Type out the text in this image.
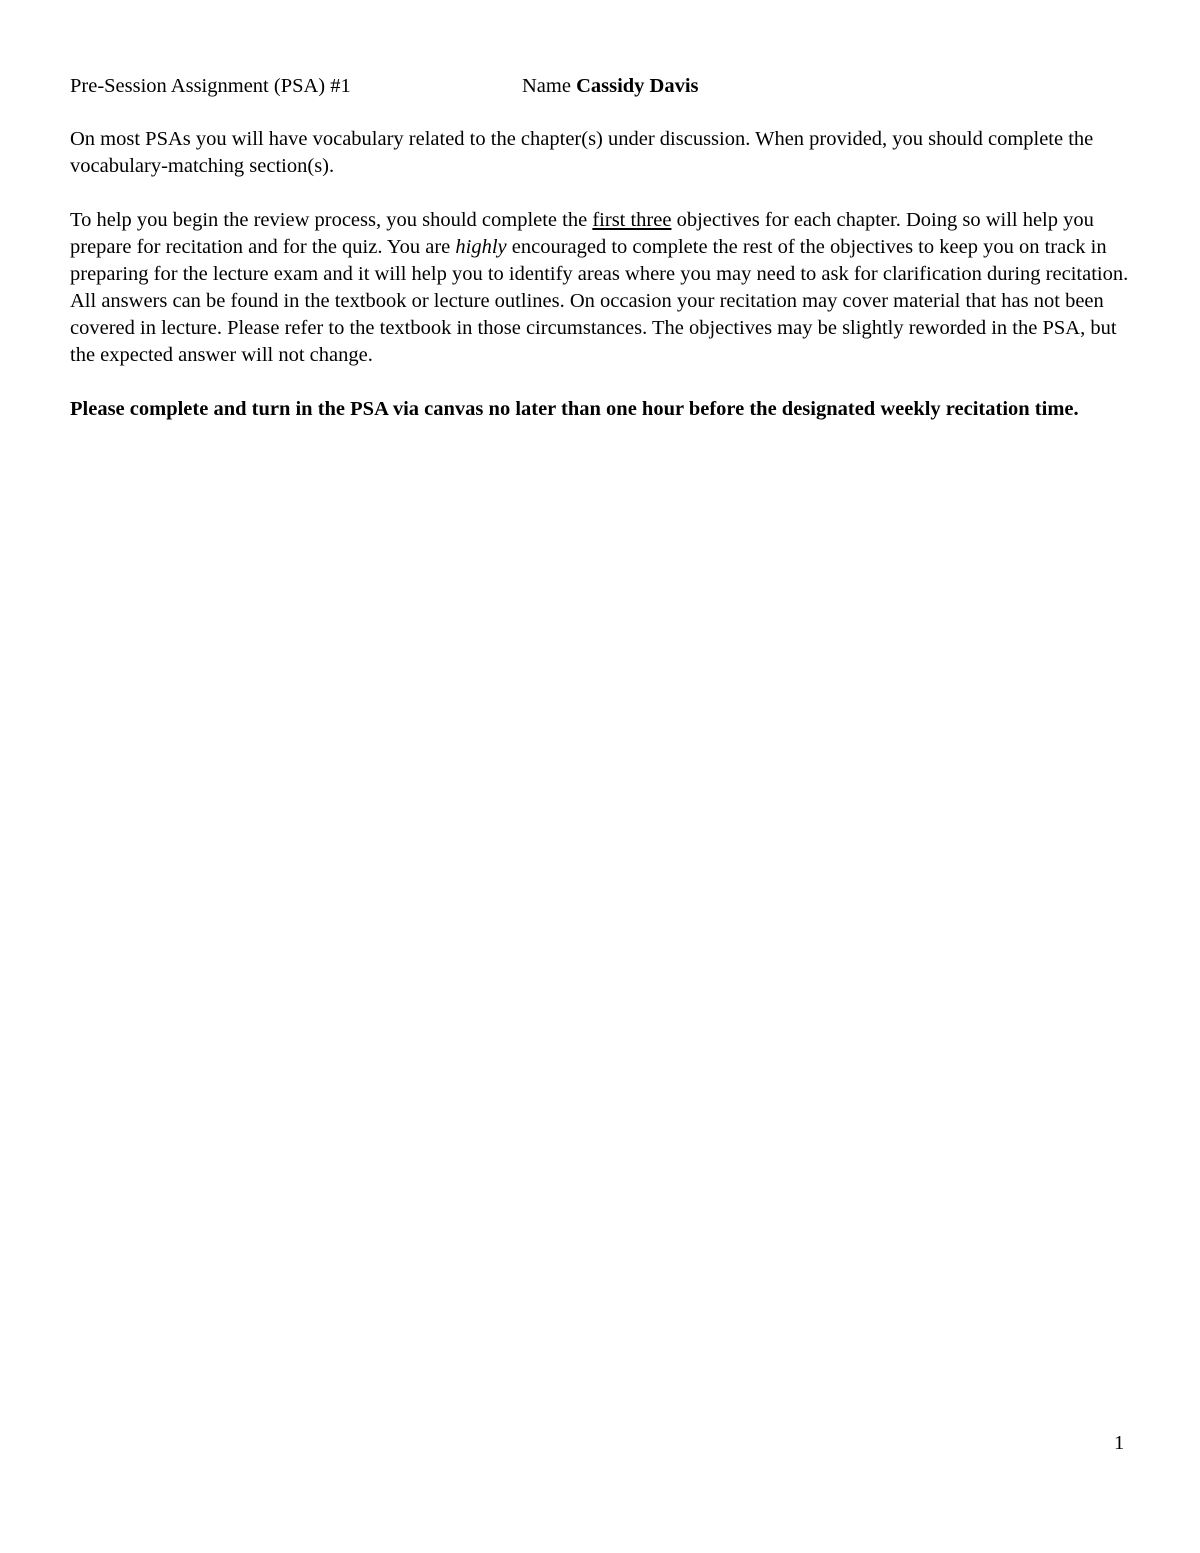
Pre-Session Assignment (PSA) #1	Name Cassidy Davis

On most PSAs you will have vocabulary related to the chapter(s) under discussion. When provided, you should complete the vocabulary-matching section(s).

To help you begin the review process, you should complete the first three objectives for each chapter. Doing so will help you prepare for recitation and for the quiz. You are highly encouraged to complete the rest of the objectives to keep you on track in preparing for the lecture exam and it will help you to identify areas where you may need to ask for clarification during recitation. All answers can be found in the textbook or lecture outlines. On occasion your recitation may cover material that has not been covered in lecture. Please refer to the textbook in those circumstances. The objectives may be slightly reworded in the PSA, but the expected answer will not change.

Please complete and turn in the PSA via canvas no later than one hour before the designated weekly recitation time.

1
